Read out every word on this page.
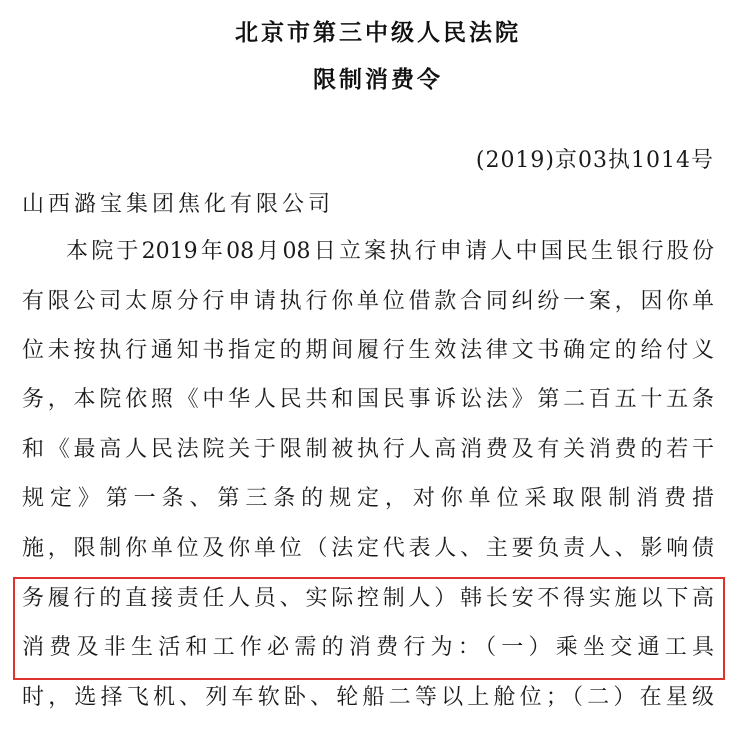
北京市第三中级人民法院
限制消费令
(2019)京03执1014号
山西潞宝集团焦化有限公司
本院于2019年08月08日立案执行申请人中国民生银行股份
有限公司太原分行申请执行你单位借款合同纠纷一案，因你单
位未按执行通知书指定的期间履行生效法律文书确定的给付义
务，本院依照《中华人民共和国民事诉讼法》第二百五十五条
和《最高人民法院关于限制被执行人高消费及有关消费的若干
规定》第一条、第三条的规定，对你单位采取限制消费措
施，限制你单位及你单位（法定代表人、主要负责人、影响债
务履行的直接责任人员、实际控制人）韩长安不得实施以下高
消费及非生活和工作必需的消费行为：（一）乘坐交通工具
时，选择飞机、列车软卧、轮船二等以上舱位；（二）在星级
